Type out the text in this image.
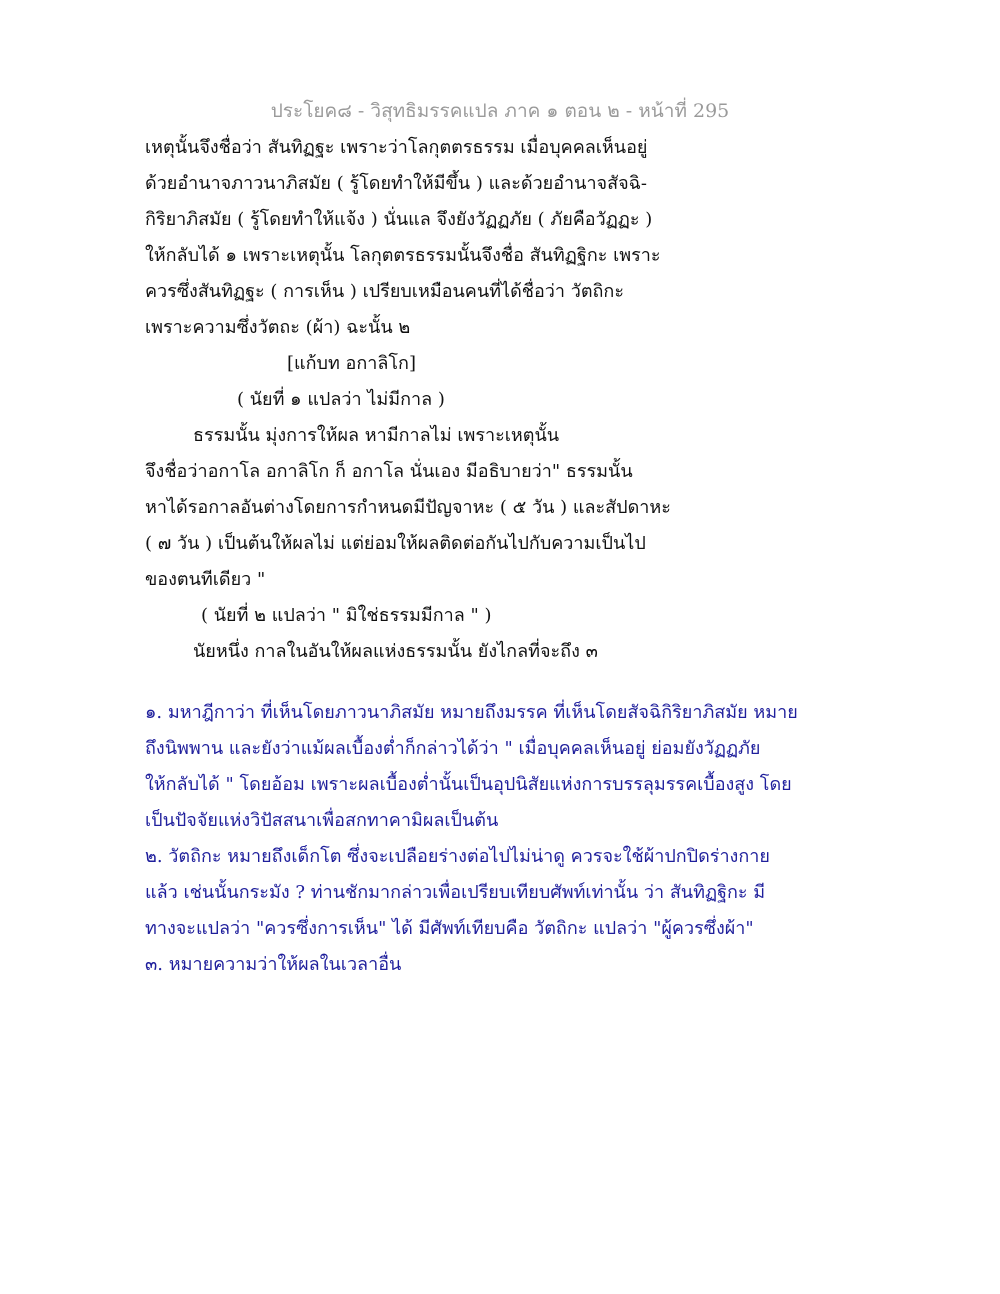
ประโยค๘ - วิสุทธิมรรคแปล ภาค ๑ ตอน ๒ - หน้าที่ 295
เหตุนั้นจึงชื่อว่า สันทิฏฐะ เพราะว่าโลกุตตรธรรม เมื่อบุคคลเห็นอยู่
ด้วยอำนาจภาวนาภิสมัย ( รู้โดยทำให้มีขึ้น ) และด้วยอำนาจสัจฉิ-
กิริยาภิสมัย ( รู้โดยทำให้แจ้ง ) นั่นแล จึงยังวัฏฏภัย ( ภัยคือวัฏฏะ )
ให้กลับได้ ๑ เพราะเหตุนั้น โลกุตตรธรรมนั้นจึงชื่อ สันทิฏฐิกะ เพราะ
ควรซึ่งสันทิฏฐะ ( การเห็น ) เปรียบเหมือนคนที่ได้ชื่อว่า วัตถิกะ
เพราะความซึ่งวัตถะ (ผ้า) ฉะนั้น ๒
[แก้บท อกาลิโก]
( นัยที่ ๑ แปลว่า ไม่มีกาล )
ธรรมนั้น มุ่งการให้ผล หามีกาลไม่ เพราะเหตุนั้น
จึงชื่อว่าอกาโล อกาลิโก ก็ อกาโล นั่นเอง มีอธิบายว่า" ธรรมนั้น
หาได้รอกาลอันต่างโดยการกำหนดมีปัญจาหะ ( ๕ วัน ) และสัปดาหะ
( ๗ วัน ) เป็นต้นให้ผลไม่ แต่ย่อมให้ผลติดต่อกันไปกับความเป็นไป
ของตนทีเดียว "
( นัยที่ ๒ แปลว่า " มิใช่ธรรมมีกาล " )
นัยหนึ่ง กาลในอันให้ผลแห่งธรรมนั้น ยังไกลที่จะถึง ๓
๑. มหาฎีกาว่า ที่เห็นโดยภาวนาภิสมัย หมายถึงมรรค ที่เห็นโดยสัจฉิกิริยาภิสมัย หมาย
ถึงนิพพาน และยังว่าแม้ผลเบื้องต่ำก็กล่าวได้ว่า " เมื่อบุคคลเห็นอยู่ ย่อมยังวัฏฏภัย
ให้กลับได้ " โดยอ้อม เพราะผลเบื้องต่ำนั้นเป็นอุปนิสัยแห่งการบรรลุมรรคเบื้องสูง โดย
เป็นปัจจัยแห่งวิปัสสนาเพื่อสกทาคามิผลเป็นต้น
๒. วัตถิกะ หมายถึงเด็กโต ซึ่งจะเปลือยร่างต่อไปไม่น่าดู ควรจะใช้ผ้าปกปิดร่างกาย
แล้ว เช่นนั้นกระมัง ? ท่านชักมากล่าวเพื่อเปรียบเทียบศัพท์เท่านั้น ว่า สันทิฏฐิกะ มี
ทางจะแปลว่า "ควรซึ่งการเห็น" ได้ มีศัพท์เทียบคือ วัตถิกะ แปลว่า "ผู้ควรซึ่งผ้า"
๓. หมายความว่าให้ผลในเวลาอื่น
